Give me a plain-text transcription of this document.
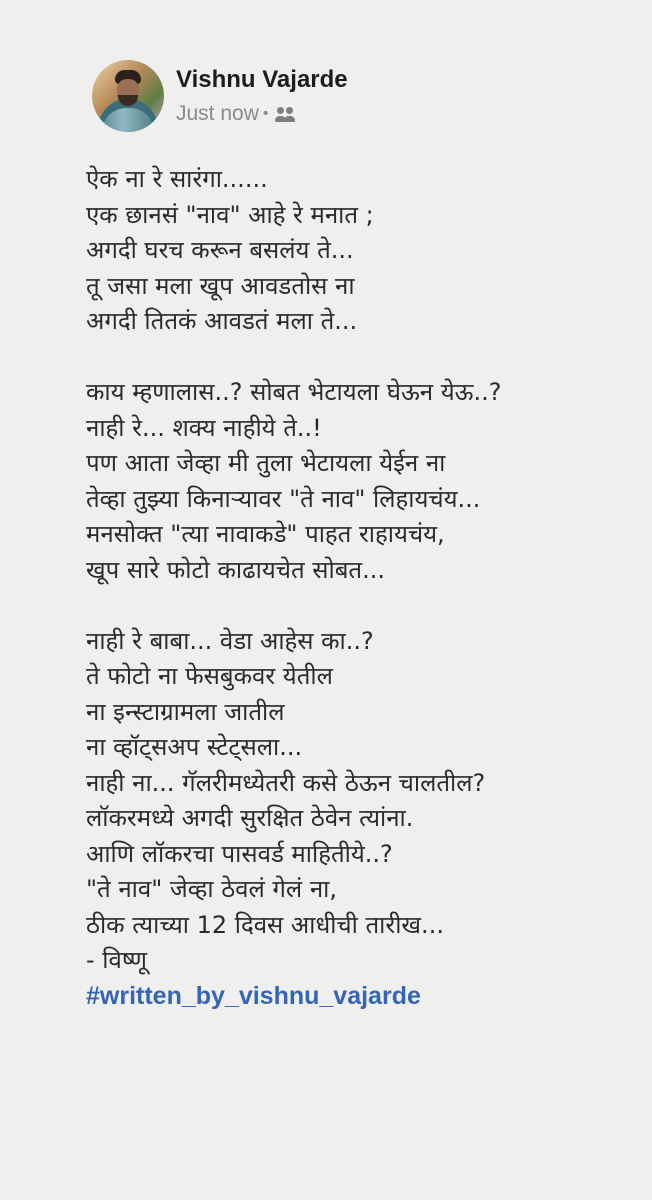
Vishnu Vajarde
Just now •
ऐक ना रे सारंगा......
एक छानसं "नाव" आहे रे मनात ;
अगदी घरच करून बसलंय ते...
तू जसा मला खूप आवडतोस ना
अगदी तितकं आवडतं मला ते...
काय म्हणालास..? सोबत भेटायला घेऊन येऊ..?
नाही रे... शक्य नाहीये ते..!
पण आता जेव्हा मी तुला भेटायला येईन ना
तेव्हा तुझ्या किनाऱ्यावर "ते नाव" लिहायचंय...
मनसोक्त "त्या नावाकडे" पाहत राहायचंय,
खूप सारे फोटो काढायचेत सोबत...
नाही रे बाबा... वेडा आहेस का..?
ते फोटो ना फेसबुकवर येतील
ना इन्स्टाग्रामला जातील
ना व्हॉट्सअप स्टेट्सला...
नाही ना... गॅलरीमध्येतरी कसे ठेऊन चालतील?
लॉकरमध्ये अगदी सुरक्षित ठेवेन त्यांना.
आणि लॉकरचा पासवर्ड माहितीये..?
"ते नाव" जेव्हा ठेवलं गेलं ना,
ठीक त्याच्या 12 दिवस आधीची तारीख...
- विष्णू
#written_by_vishnu_vajarde
